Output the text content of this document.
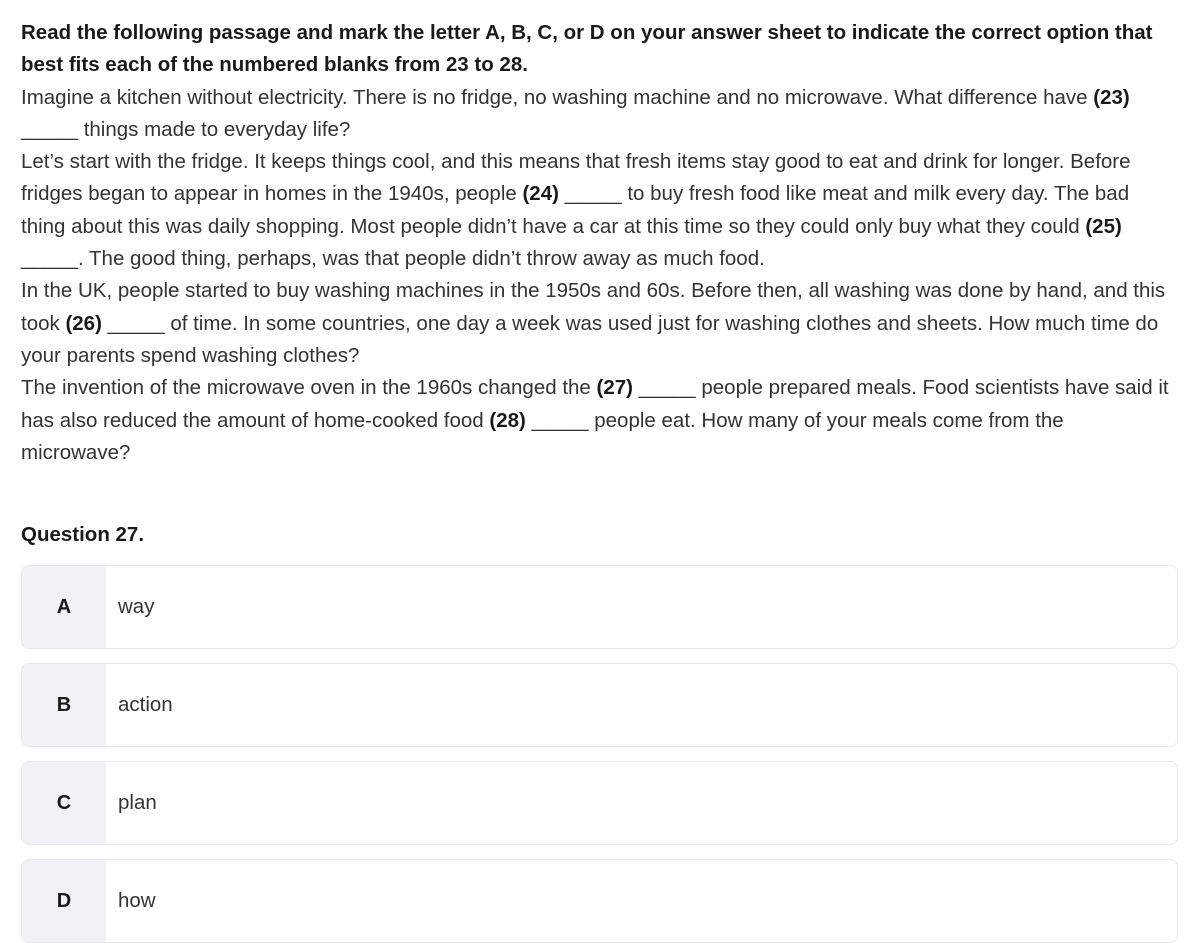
Read the following passage and mark the letter A, B, C, or D on your answer sheet to indicate the correct option that best fits each of the numbered blanks from 23 to 28.

Imagine a kitchen without electricity. There is no fridge, no washing machine and no microwave. What difference have (23) _____ things made to everyday life?

Let’s start with the fridge. It keeps things cool, and this means that fresh items stay good to eat and drink for longer. Before fridges began to appear in homes in the 1940s, people (24) _____ to buy fresh food like meat and milk every day. The bad thing about this was daily shopping. Most people didn’t have a car at this time so they could only buy what they could (25) _____. The good thing, perhaps, was that people didn’t throw away as much food.

In the UK, people started to buy washing machines in the 1950s and 60s. Before then, all washing was done by hand, and this took (26) _____ of time. In some countries, one day a week was used just for washing clothes and sheets. How much time do your parents spend washing clothes?

The invention of the microwave oven in the 1960s changed the (27) _____ people prepared meals. Food scientists have said it has also reduced the amount of home-cooked food (28) _____ people eat. How many of your meals come from the microwave?

Question 27.
A	way
B	action
C	plan
D	how
